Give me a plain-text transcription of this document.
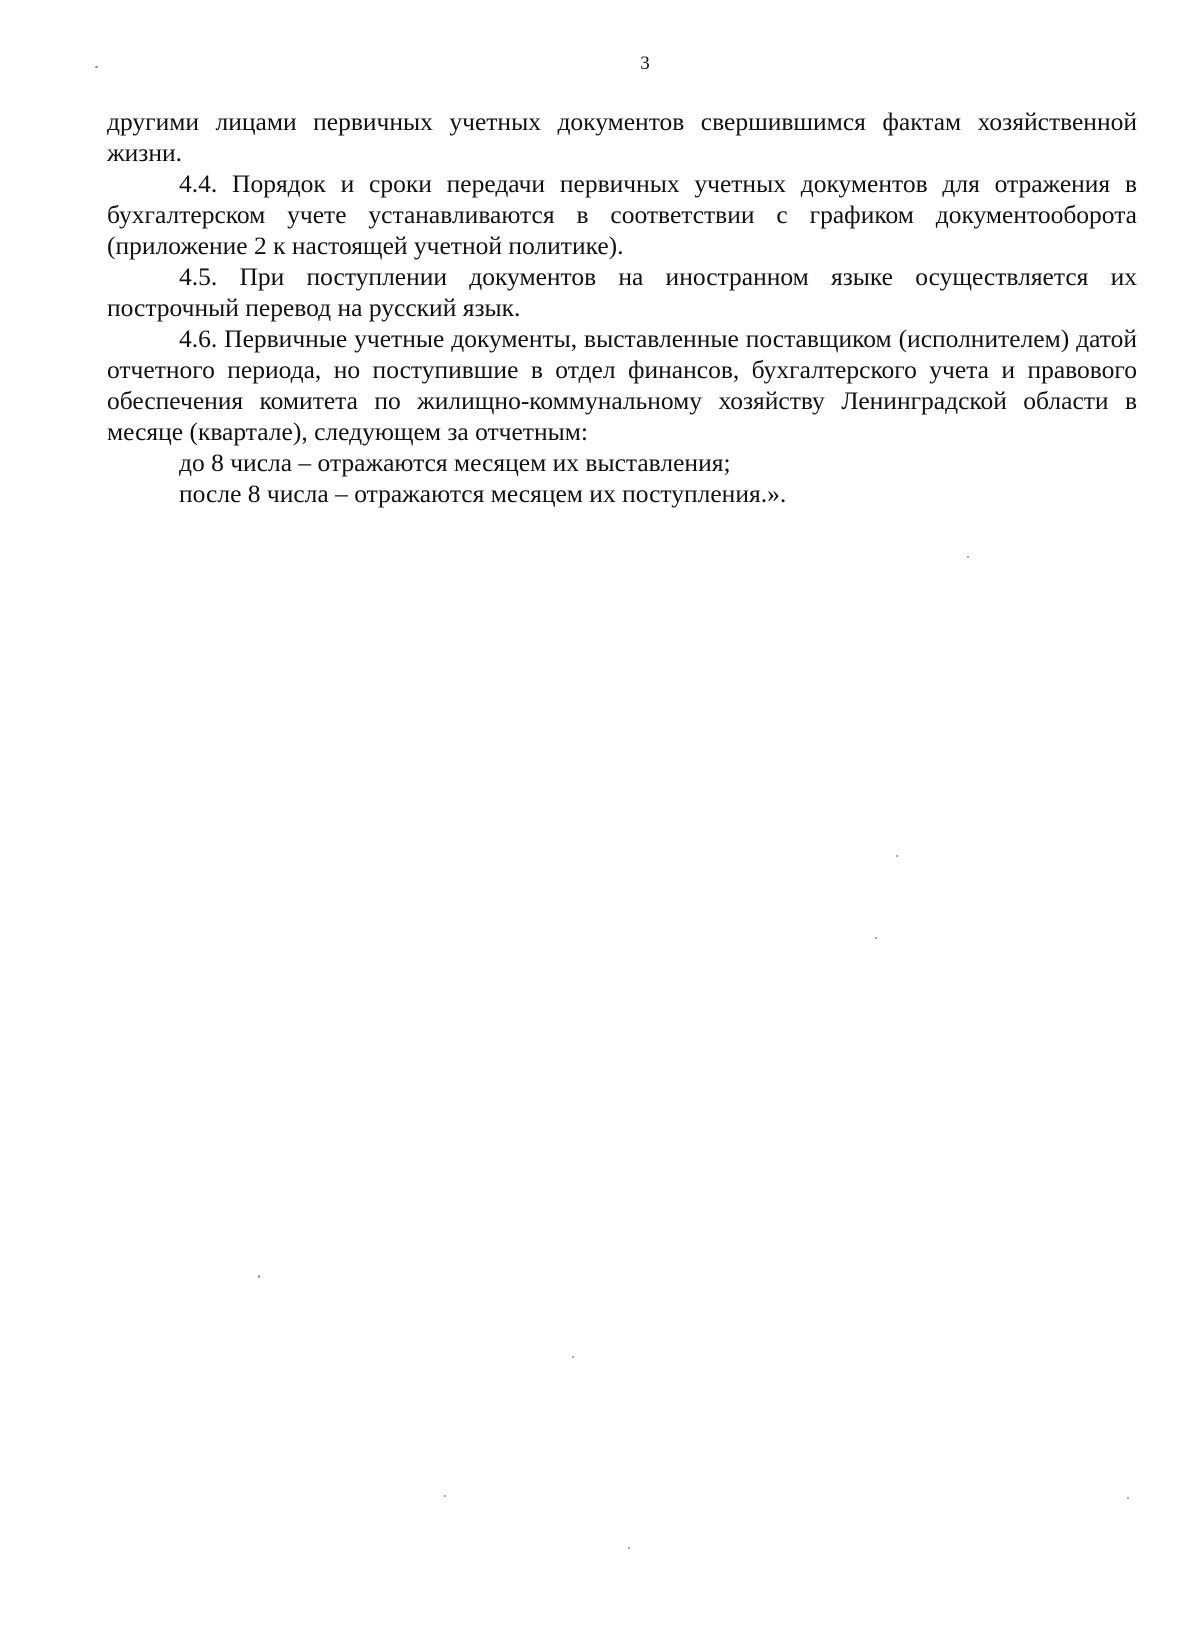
3

другими лицами первичных учетных документов свершившимся фактам хозяйственной жизни.

4.4. Порядок и сроки передачи первичных учетных документов для отражения в бухгалтерском учете устанавливаются в соответствии с графиком документооборота (приложение 2 к настоящей учетной политике).

4.5. При поступлении документов на иностранном языке осуществляется их построчный перевод на русский язык.

4.6. Первичные учетные документы, выставленные поставщиком (исполнителем) датой отчетного периода, но поступившие в отдел финансов, бухгалтерского учета и правового обеспечения комитета по жилищно-коммунальному хозяйству Ленинградской области в месяце (квартале), следующем за отчетным:

до 8 числа – отражаются месяцем их выставления;

после 8 числа – отражаются месяцем их поступления.».
